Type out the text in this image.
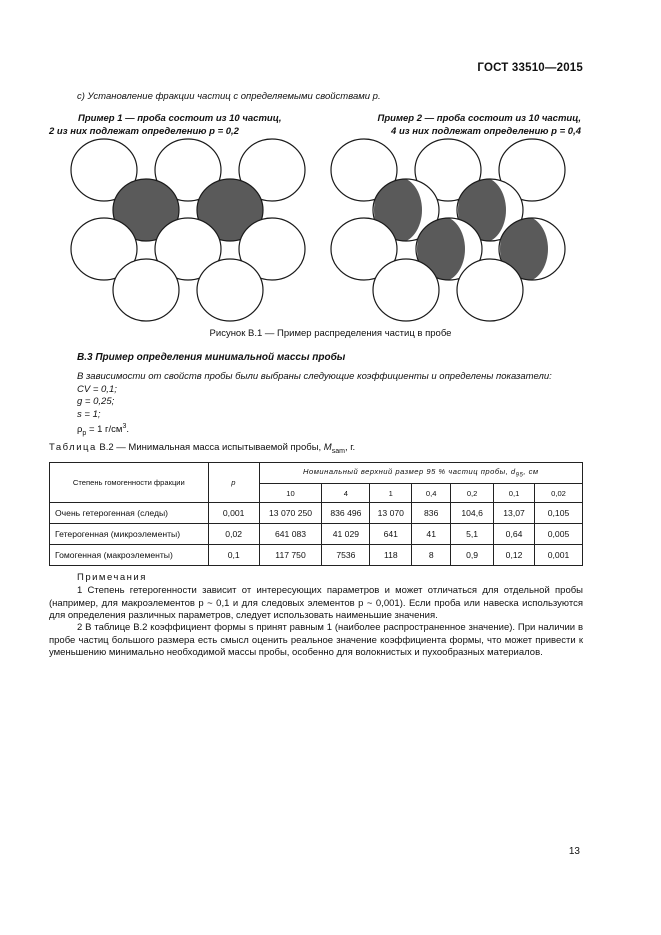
ГОСТ 33510—2015
c) Установление фракции частиц с определяемыми свойствами p.
Пример 1 — проба состоит из 10 частиц,
2 из них подлежат определению p = 0,2
Пример 2 — проба состоит из 10 частиц,
4 из них подлежат определению p = 0,4
Рисунок В.1 — Пример распределения частиц в пробе
В.3 Пример определения минимальной массы пробы
В зависимости от свойств пробы были выбраны следующие коэффициенты и определены показатели:
CV = 0,1;
g = 0,25;
s = 1;
$\rho_p = 1$ $г/см^3$.
Таблица В.2 — Минимальная масса испытываемой пробы, $M_{sam}$, г.
Степень гомогенности фракции	p	Номинальный верхний размер 95 % частиц пробы, $d_{95}$, см						
		10	4	1	0,4	0,2	0,1	0,02
Очень гетерогенная (следы)	0,001	13 070 250	836 496	13 070	836	104,6	13,07	0,105
Гетерогенная (микроэлементы)	0,02	641 083	41 029	641	41	5,1	0,64	0,005
Гомогенная (макроэлементы)	0,1	117 750	7536	118	8	0,9	0,12	0,001
Примечания
1 Степень гетерогенности зависит от интересующих параметров и может отличаться для отдельной пробы (например, для макроэлементов p ~ 0,1 и для следовых элементов p ~ 0,001). Если проба или навеска используются для определения различных параметров, следует использовать наименьшие значения.
2 В таблице В.2 коэффициент формы s принят равным 1 (наиболее распространенное значение). При наличии в пробе частиц большого размера есть смысл оценить реальное значение коэффициента формы, что может привести к уменьшению минимально необходимой массы пробы, особенно для волокнистых и пухообразных материалов.
13
